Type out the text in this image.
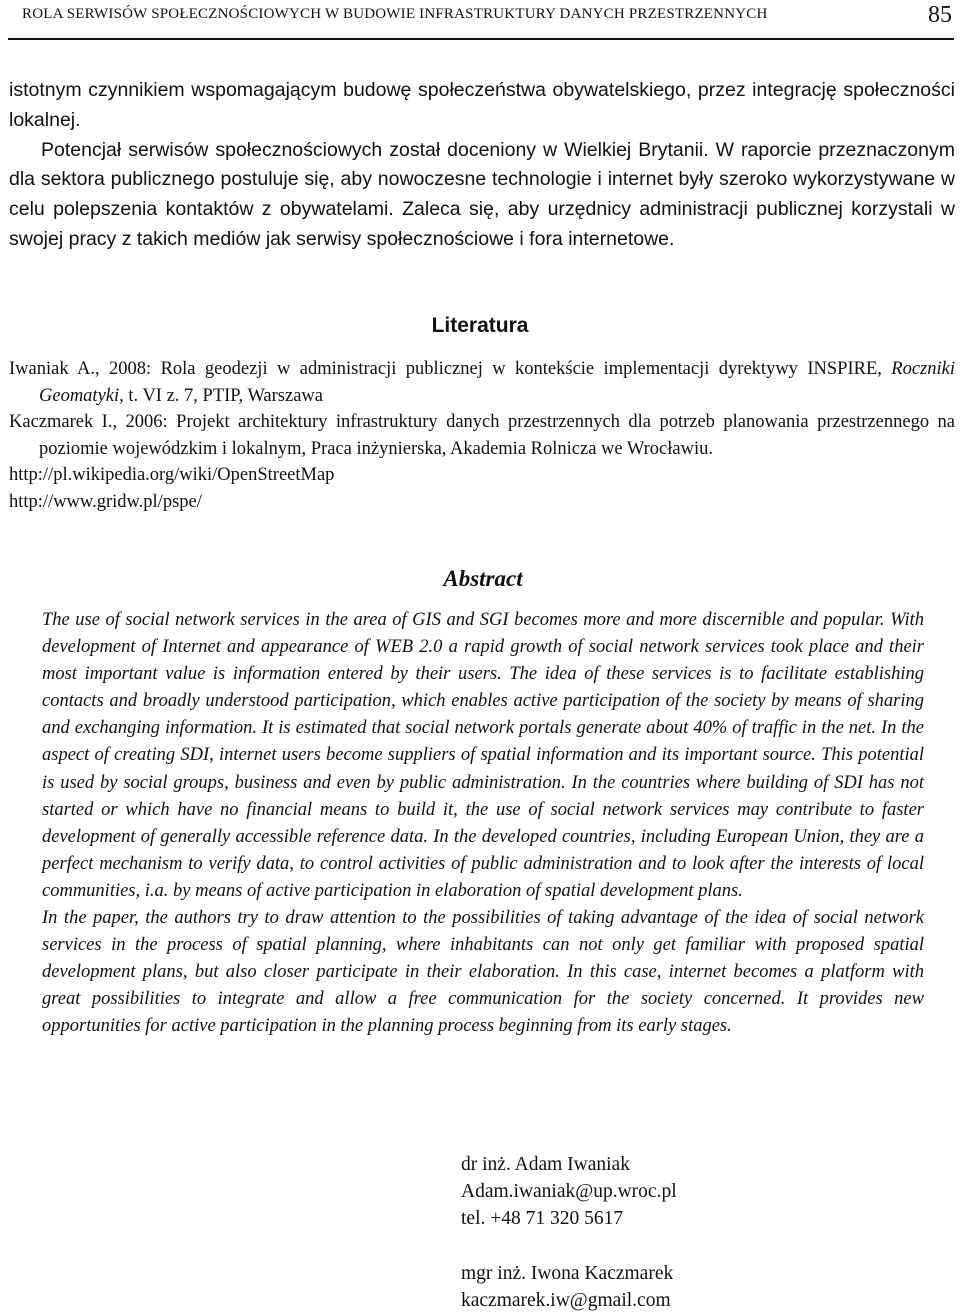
ROLA SERWISÓW SPOŁECZNOŚCIOWYCH W BUDOWIE INFRASTRUKTURY DANYCH PRZESTRZENNYCH	85

istotnym czynnikiem wspomagającym budowę społeczeństwa obywatelskiego, przez integrację społeczności lokalnej.

Potencjał serwisów społecznościowych został doceniony w Wielkiej Brytanii. W raporcie przeznaczonym dla sektora publicznego postuluje się, aby nowoczesne technologie i internet były szeroko wykorzystywane w celu polepszenia kontaktów z obywatelami. Zaleca się, aby urzędnicy administracji publicznej korzystali w swojej pracy z takich mediów jak serwisy społecznościowe i fora internetowe.

Literatura

Iwaniak A., 2008: Rola geodezji w administracji publicznej w kontekście implementacji dyrektywy INSPIRE, Roczniki Geomatyki, t. VI z. 7, PTIP, Warszawa

Kaczmarek I., 2006: Projekt architektury infrastruktury danych przestrzennych dla potrzeb planowania przestrzennego na poziomie wojewódzkim i lokalnym, Praca inżynierska, Akademia Rolnicza we Wrocławiu.

http://pl.wikipedia.org/wiki/OpenStreetMap

http://www.gridw.pl/pspe/

Abstract

The use of social network services in the area of GIS and SGI becomes more and more discernible and popular. With development of Internet and appearance of WEB 2.0 a rapid growth of social network services took place and their most important value is information entered by their users. The idea of these services is to facilitate establishing contacts and broadly understood participation, which enables active participation of the society by means of sharing and exchanging information. It is estimated that social network portals generate about 40% of traffic in the net. In the aspect of creating SDI, internet users become suppliers of spatial information and its important source. This potential is used by social groups, business and even by public administration. In the countries where building of SDI has not started or which have no financial means to build it, the use of social network services may contribute to faster development of generally accessible reference data. In the developed countries, including European Union, they are a perfect mechanism to verify data, to control activities of public administration and to look after the interests of local communities, i.a. by means of active participation in elaboration of spatial development plans.

In the paper, the authors try to draw attention to the possibilities of taking advantage of the idea of social network services in the process of spatial planning, where inhabitants can not only get familiar with proposed spatial development plans, but also closer participate in their elaboration. In this case, internet becomes a platform with great possibilities to integrate and allow a free communication for the society concerned. It provides new opportunities for active participation in the planning process beginning from its early stages.

dr inż. Adam Iwaniak
Adam.iwaniak@up.wroc.pl
tel. +48 71 320 5617
mgr inż. Iwona Kaczmarek
kaczmarek.iw@gmail.com
